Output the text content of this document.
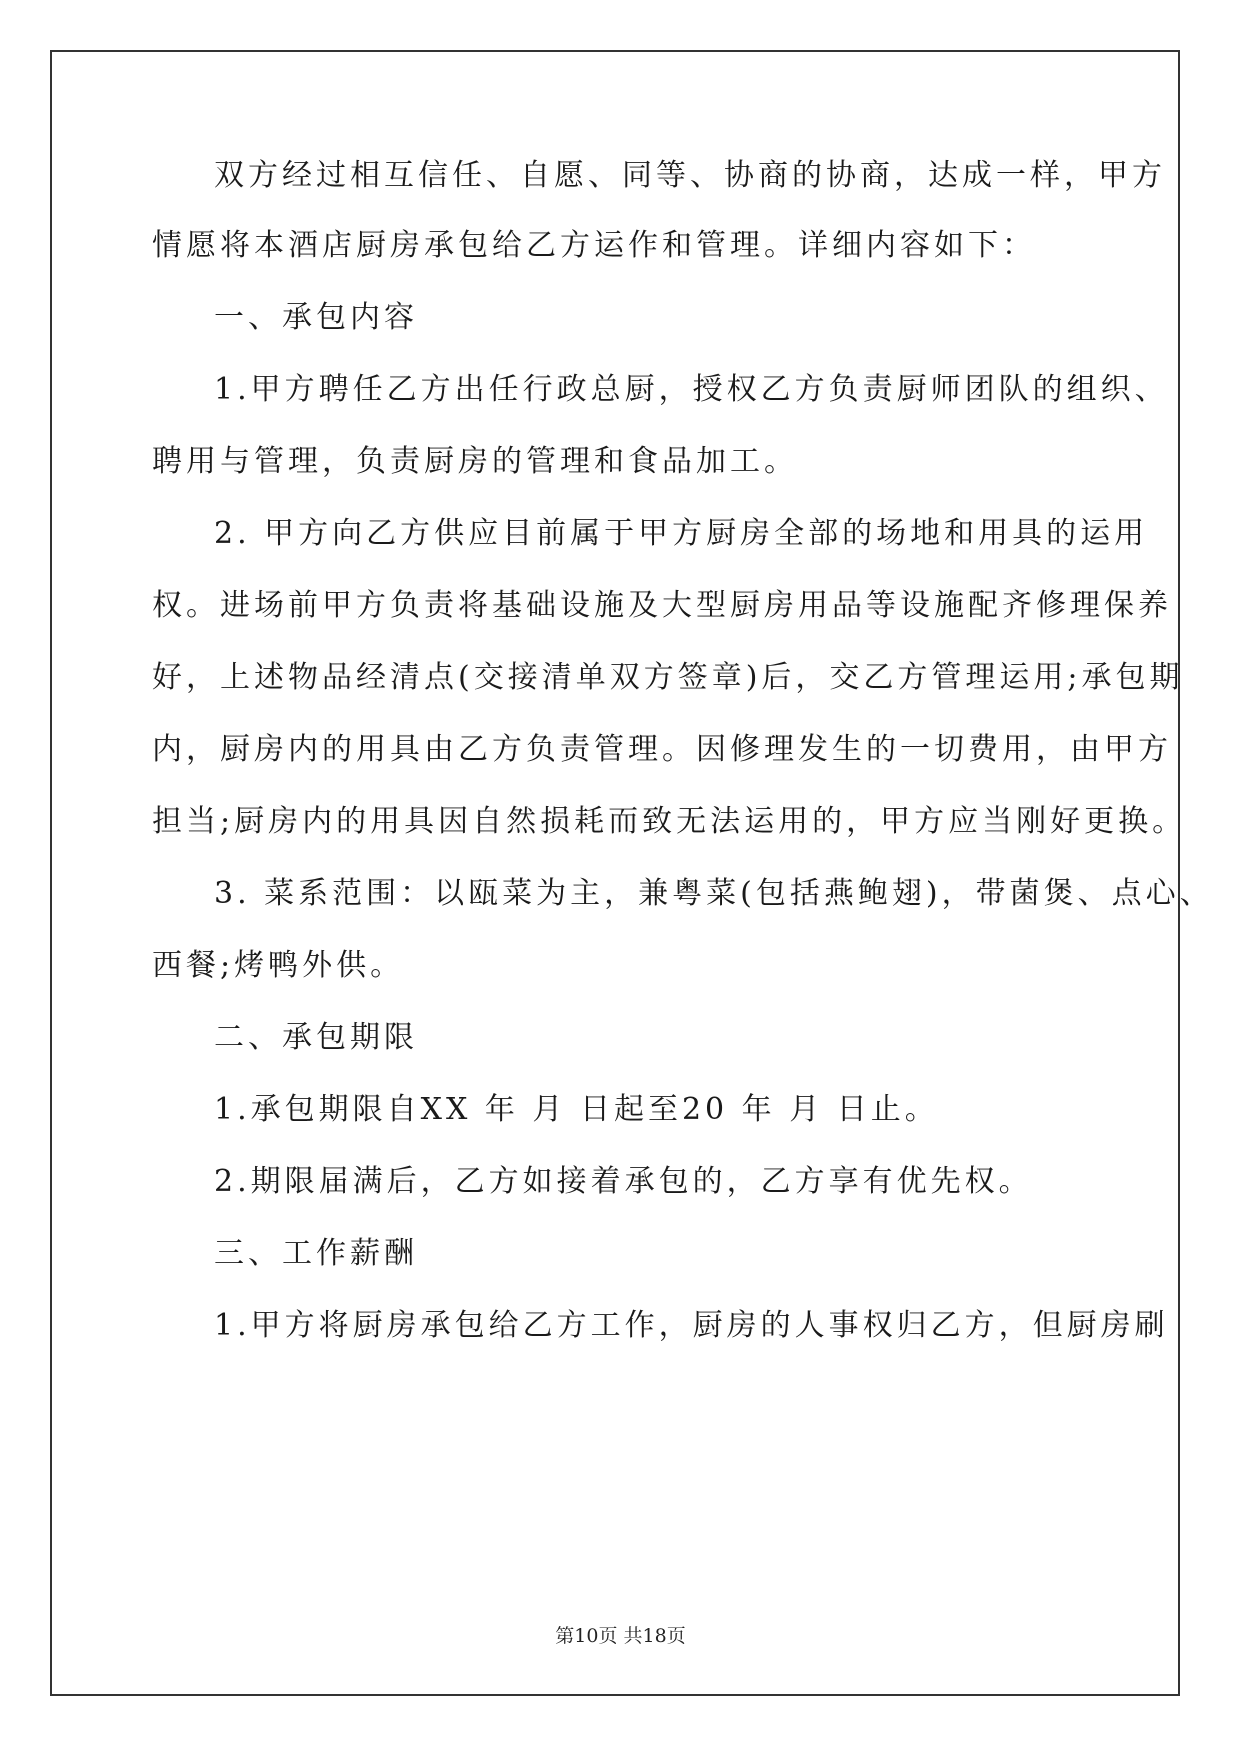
双方经过相互信任、自愿、同等、协商的协商，达成一样，甲方
情愿将本酒店厨房承包给乙方运作和管理。详细内容如下：
一、承包内容
1.甲方聘任乙方出任行政总厨，授权乙方负责厨师团队的组织、
聘用与管理，负责厨房的管理和食品加工。
2. 甲方向乙方供应目前属于甲方厨房全部的场地和用具的运用
权。进场前甲方负责将基础设施及大型厨房用品等设施配齐修理保养
好，上述物品经清点(交接清单双方签章)后，交乙方管理运用;承包期
内，厨房内的用具由乙方负责管理。因修理发生的一切费用，由甲方
担当;厨房内的用具因自然损耗而致无法运用的，甲方应当刚好更换。
3. 菜系范围：以瓯菜为主，兼粤菜(包括燕鲍翅)，带菌煲、点心、
西餐;烤鸭外供。
二、承包期限
1.承包期限自XX 年 月 日起至20 年 月 日止。
2.期限届满后，乙方如接着承包的，乙方享有优先权。
三、工作薪酬
1.甲方将厨房承包给乙方工作，厨房的人事权归乙方，但厨房刷
第10页 共18页
